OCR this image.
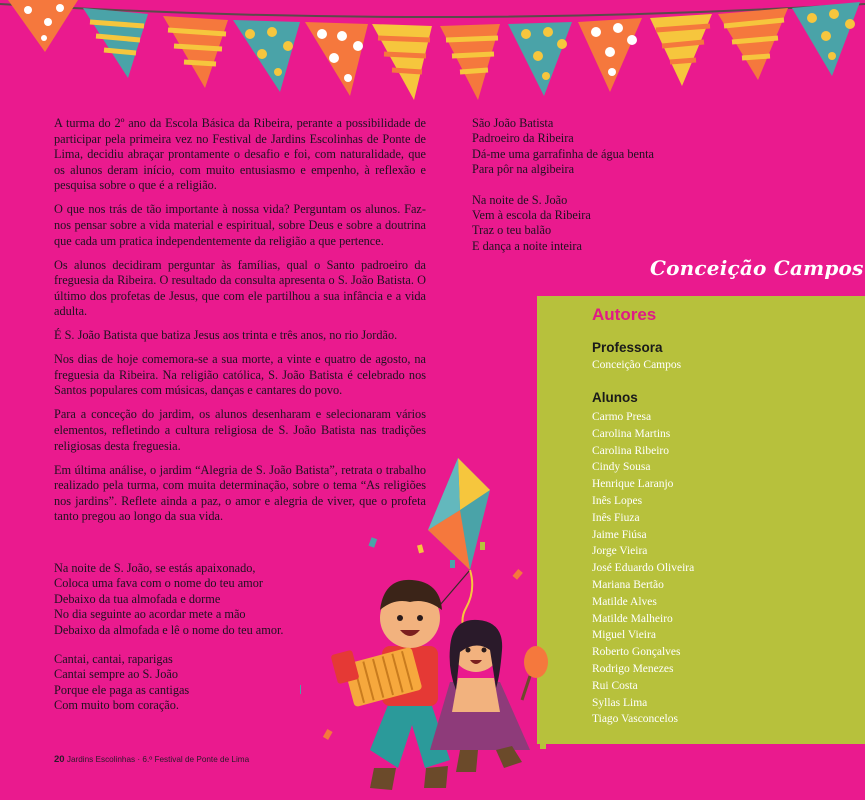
A turma do 2º ano da Escola Básica da Ribeira, perante a possibilidade de participar pela primeira vez no Festival de Jardins Escolinhas de Ponte de Lima, decidiu abraçar prontamente o desafio e foi, com naturalidade, que os alunos deram início, com muito entusiasmo e empenho, à reflexão e pesquisa sobre o que é a religião.

O que nos trás de tão importante à nossa vida? Perguntam os alunos. Faz-nos pensar sobre a vida material e espiritual, sobre Deus e sobre a doutrina que cada um pratica independentemente da religião a que pertence.

Os alunos decidiram perguntar às famílias, qual o Santo padroeiro da freguesia da Ribeira. O resultado da consulta apresenta o S. João Batista. O último dos profetas de Jesus, que com ele partilhou a sua infância e a vida adulta.

É S. João Batista que batiza Jesus aos trinta e três anos, no rio Jordão.

Nos dias de hoje comemora-se a sua morte, a vinte e quatro de agosto, na freguesia da Ribeira. Na religião católica, S. João Batista é celebrado nos Santos populares com músicas, danças e cantares do povo.

Para a conceção do jardim, os alunos desenharam e selecionaram vários elementos, refletindo a cultura religiosa de S. João Batista nas tradições religiosas desta freguesia.

Em última análise, o jardim “Alegria de S. João Batista”, retrata o trabalho realizado pela turma, com muita determinação, sobre o tema “As religiões nos jardins”. Reflete ainda a paz, o amor e alegria de viver, que o profeta tanto pregou ao longo da sua vida.

Na noite de S. João, se estás apaixonado,
Coloca uma fava com o nome do teu amor
Debaixo da tua almofada e dorme
No dia seguinte ao acordar mete a mão
Debaixo da almofada e lê o nome do teu amor.
Cantai, cantai, raparigas
Cantai sempre ao S. João
Porque ele paga as cantigas
Com muito bom coração.
São João Batista
Padroeiro da Ribeira
Dá-me uma garrafinha de água benta
Para pôr na algibeira
Na noite de S. João
Vem à escola da Ribeira
Traz o teu balão
E dança a noite inteira
Conceição Campos
Autores
Professora
Conceição Campos
Alunos
Carmo Presa
Carolina Martins
Carolina Ribeiro
Cindy Sousa
Henrique Laranjo
Inês Lopes
Inês Fiuza
Jaime Fiúsa
Jorge Vieira
José Eduardo Oliveira
Mariana Bertão
Matilde Alves
Matilde Malheiro
Miguel Vieira
Roberto Gonçalves
Rodrigo Menezes
Rui Costa
Syllas Lima
Tiago Vasconcelos
20 Jardins Escolinhas · 6.º Festival de Ponte de Lima
